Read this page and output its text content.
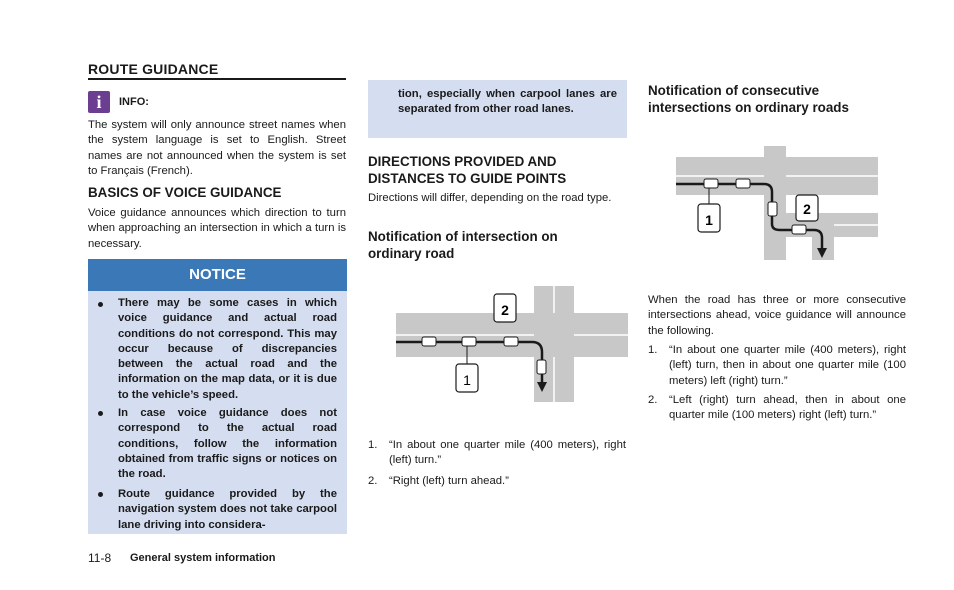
ROUTE GUIDANCE
i	INFO:
The system will only announce street names when the system language is set to English. Street names are not announced when the system is set to Français (French).
BASICS OF VOICE GUIDANCE
Voice guidance announces which direction to turn when approaching an intersection in which a turn is necessary.
NOTICE
There may be some cases in which voice guidance and actual road conditions do not correspond. This may occur because of discrepancies between the actual road and the information on the map data, or it is due to the vehicle’s speed.
In case voice guidance does not correspond to the actual road conditions, follow the information obtained from traffic signs or notices on the road.
Route guidance provided by the navigation system does not take carpool lane driving into considera-
tion, especially when carpool lanes are separated from other road lanes.
DIRECTIONS PROVIDED AND DISTANCES TO GUIDE POINTS
Directions will differ, depending on the road type.
Notification of intersection on ordinary road
2
1
1. “In about one quarter mile (400 meters), right (left) turn.”
2. “Right (left) turn ahead.”
Notification of consecutive intersections on ordinary roads
1
2
When the road has three or more consecutive intersections ahead, voice guidance will announce the following.
1. “In about one quarter mile (400 meters), right (left) turn, then in about one quarter mile (100 meters) left (right) turn.”
2. “Left (right) turn ahead, then in about one quarter mile (100 meters) right (left) turn.”
11-8 General system information
